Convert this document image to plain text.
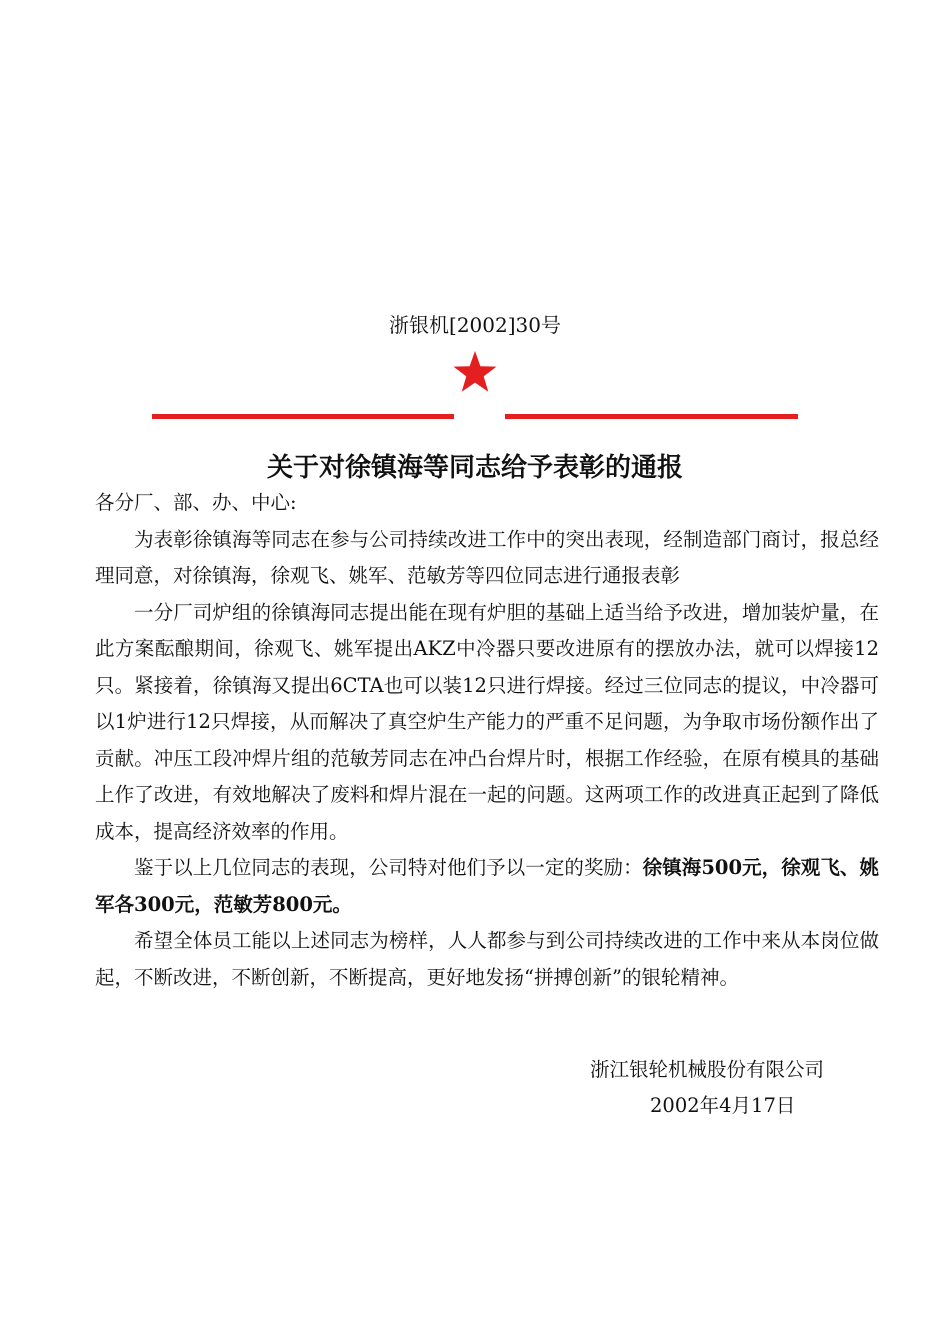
浙银机[2002]30号
关于对徐镇海等同志给予表彰的通报

各分厂、部、办、中心:

为表彰徐镇海等同志在参与公司持续改进工作中的突出表现，经制造部门商讨，报总经理同意，对徐镇海，徐观飞、姚军、范敏芳等四位同志进行通报表彰

一分厂司炉组的徐镇海同志提出能在现有炉胆的基础上适当给予改进，增加装炉量，在此方案酝酿期间，徐观飞、姚军提出AKZ中冷器只要改进原有的摆放办法，就可以焊接12只。紧接着，徐镇海又提出6CTA也可以装12只进行焊接。经过三位同志的提议，中冷器可以1炉进行12只焊接，从而解决了真空炉生产能力的严重不足问题，为争取市场份额作出了贡献。冲压工段冲焊片组的范敏芳同志在冲凸台焊片时，根据工作经验，在原有模具的基础上作了改进，有效地解决了废料和焊片混在一起的问题。这两项工作的改进真正起到了降低成本，提高经济效率的作用。

鉴于以上几位同志的表现，公司特对他们予以一定的奖励：徐镇海500元，徐观飞、姚军各300元，范敏芳800元。

希望全体员工能以上述同志为榜样，人人都参与到公司持续改进的工作中来从本岗位做起，不断改进，不断创新，不断提高，更好地发扬“拼搏创新”的银轮精神。

浙江银轮机械股份有限公司
2002年4月17日
